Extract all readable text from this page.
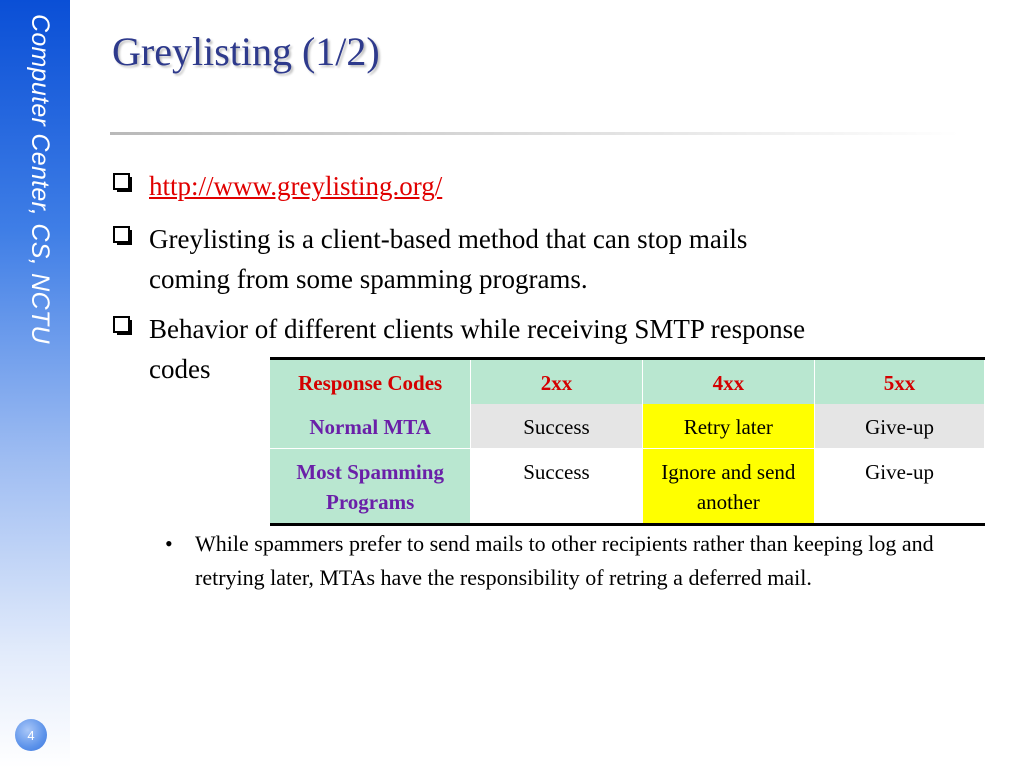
Computer Center, CS, NCTU
4
Greylisting (1/2)
http://www.greylisting.org/
Greylisting is a client-based method that can stop mails
coming from some spamming programs.
Behavior of different clients while receiving SMTP response
codes	Response Codes	2xx	4xx	5xx
Normal MTA	Success	Retry later	Give-up
Most Spamming
Programs	Success	Ignore and send another	Give-up
• While spammers prefer to send mails to other recipients rather than keeping log and retrying later, MTAs have the responsibility of retring a deferred mail.
